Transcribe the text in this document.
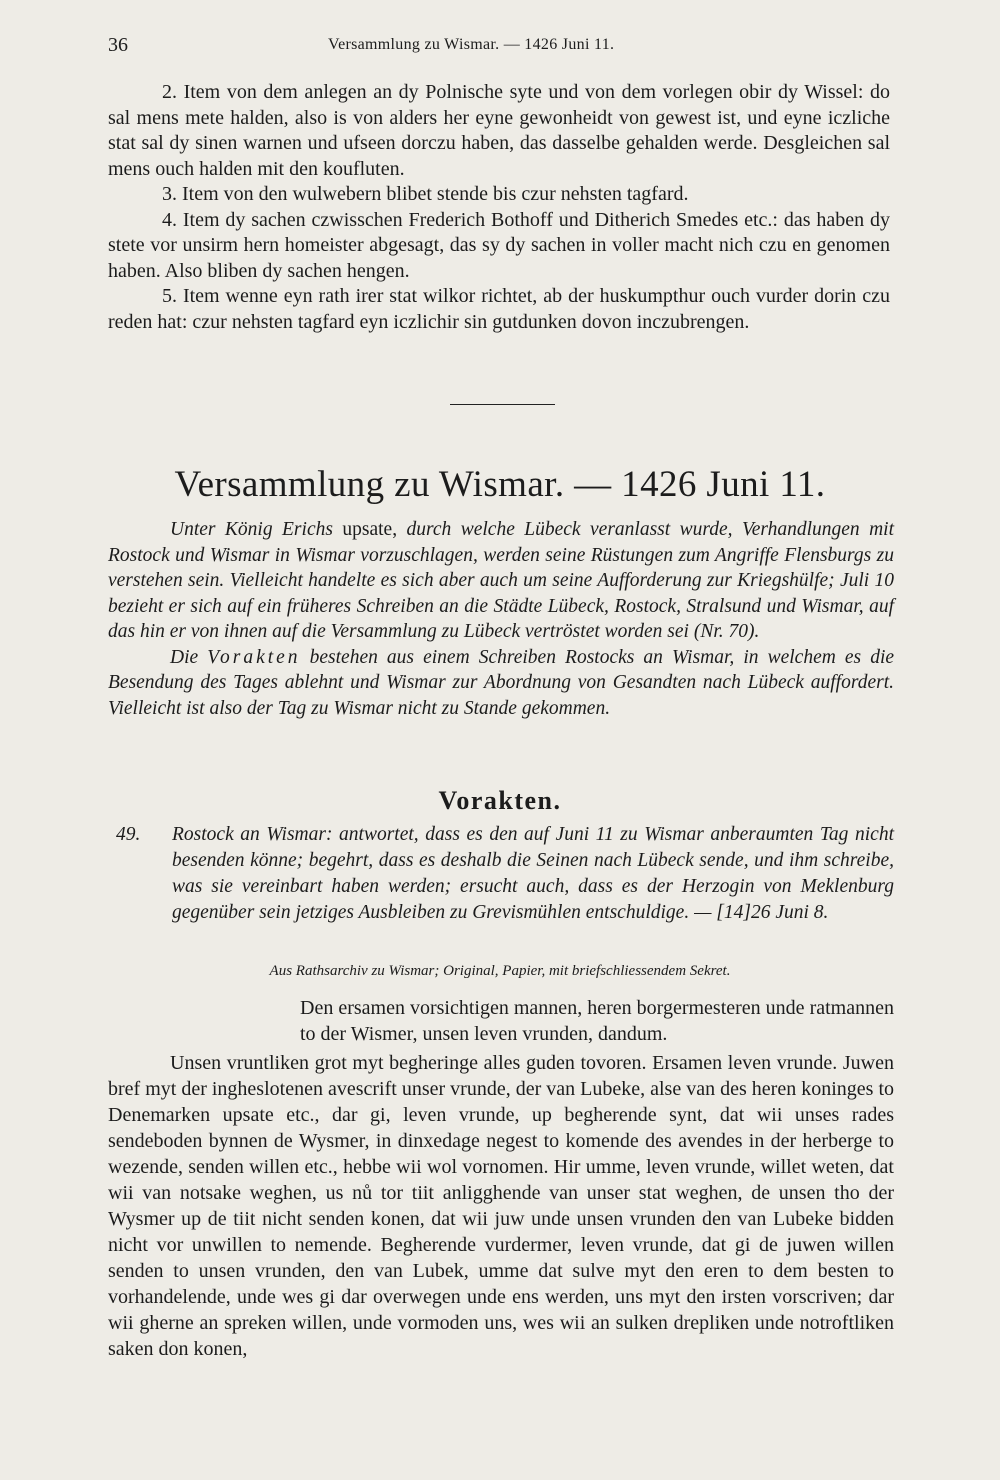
36	Versammlung zu Wismar. — 1426 Juni 11.

2. Item von dem anlegen an dy Polnische syte und von dem vorlegen obir dy Wissel: do sal mens mete halden, also is von alders her eyne gewonheidt von gewest ist, und eyne iczliche stat sal dy sinen warnen und ufseen dorczu haben, das dasselbe gehalden werde. Desgleichen sal mens ouch halden mit den koufluten.

3. Item von den wulwebern blibet stende bis czur nehsten tagfard.

4. Item dy sachen czwisschen Frederich Bothoff und Ditherich Smedes etc.: das haben dy stete vor unsirm hern homeister abgesagt, das sy dy sachen in voller macht nich czu en genomen haben. Also bliben dy sachen hengen.

5. Item wenne eyn rath irer stat wilkor richtet, ab der huskumpthur ouch vurder dorin czu reden hat: czur nehsten tagfard eyn iczlichir sin gutdunken dovon inczubrengen.

Versammlung zu Wismar. — 1426 Juni 11.

Unter König Erichs upsate, durch welche Lübeck veranlasst wurde, Verhandlungen mit Rostock und Wismar in Wismar vorzuschlagen, werden seine Rüstungen zum Angriffe Flensburgs zu verstehen sein. Vielleicht handelte es sich aber auch um seine Aufforderung zur Kriegshülfe; Juli 10 bezieht er sich auf ein früheres Schreiben an die Städte Lübeck, Rostock, Stralsund und Wismar, auf das hin er von ihnen auf die Versammlung zu Lübeck vertröstet worden sei (Nr. 70).

Die Vorakten bestehen aus einem Schreiben Rostocks an Wismar, in welchem es die Besendung des Tages ablehnt und Wismar zur Abordnung von Gesandten nach Lübeck auffordert. Vielleicht ist also der Tag zu Wismar nicht zu Stande gekommen.

Vorakten.
49. Rostock an Wismar: antwortet, dass es den auf Juni 11 zu Wismar anberaumten Tag nicht besenden könne; begehrt, dass es deshalb die Seinen nach Lübeck sende, und ihm schreibe, was sie vereinbart haben werden; ersucht auch, dass es der Herzogin von Meklenburg gegenüber sein jetziges Ausbleiben zu Grevismühlen entschuldige. — [14]26 Juni 8.

Aus Rathsarchiv zu Wismar; Original, Papier, mit briefschliessendem Sekret.

Den ersamen vorsichtigen mannen, heren borgermesteren unde ratmannen to der Wismer, unsen leven vrunden, dandum.

Unsen vruntliken grot myt begheringe alles guden tovoren. Ersamen leven vrunde. Juwen bref myt der ingheslotenen avescrift unser vrunde, der van Lubeke, alse van des heren koninges to Denemarken upsate etc., dar gi, leven vrunde, up begherende synt, dat wii unses rades sendeboden bynnen de Wysmer, in dinxedage negest to komende des avendes in der herberge to wezende, senden willen etc., hebbe wii wol vornomen. Hir umme, leven vrunde, willet weten, dat wii van notsake weghen, us nů tor tiit anligghende van unser stat weghen, de unsen tho der Wysmer up de tiit nicht senden konen, dat wii juw unde unsen vrunden den van Lubeke bidden nicht vor unwillen to nemende. Begherende vurdermer, leven vrunde, dat gi de juwen willen senden to unsen vrunden, den van Lubek, umme dat sulve myt den eren to dem besten to vorhandelende, unde wes gi dar overwegen unde ens werden, uns myt den irsten vorscriven; dar wii gherne an spreken willen, unde vormoden uns, wes wii an sulken drepliken unde notroftliken saken don konen,
